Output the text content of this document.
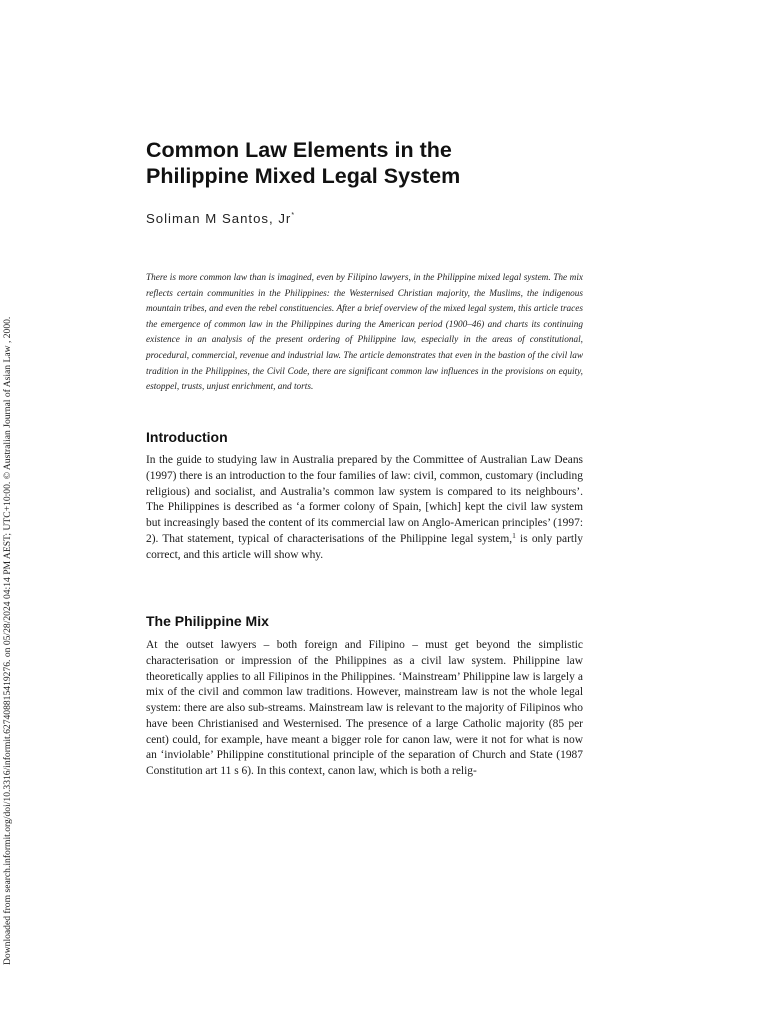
Downloaded from search.informit.org/doi/10.3316/informit.627408815419276. on 05/28/2024 04:14 PM AEST; UTC+10:00. © Australian Journal of Asian Law , 2000.
Common Law Elements in the
Philippine Mixed Legal System
Soliman M Santos, Jr*

There is more common law than is imagined, even by Filipino lawyers, in the Philippine mixed legal system. The mix reflects certain communities in the Philippines: the Westernised Christian majority, the Muslims, the indigenous mountain tribes, and even the rebel constituencies. After a brief overview of the mixed legal system, this article traces the emergence of common law in the Philippines during the American period (1900–46) and charts its continuing existence in an analysis of the present ordering of Philippine law, especially in the areas of constitutional, procedural, commercial, revenue and industrial law. The article demonstrates that even in the bastion of the civil law tradition in the Philippines, the Civil Code, there are significant common law influences in the provisions on equity, estoppel, trusts, unjust enrichment, and torts.

Introduction

In the guide to studying law in Australia prepared by the Committee of Australian Law Deans (1997) there is an introduction to the four families of law: civil, common, customary (including religious) and socialist, and Australia’s common law system is compared to its neighbours’. The Philippines is described as ‘a former colony of Spain, [which] kept the civil law system but increasingly based the content of its commercial law on Anglo-American principles’ (1997: 2). That statement, typical of characterisations of the Philippine legal system,$^1$ is only partly correct, and this article will show why.

The Philippine Mix

At the outset lawyers – both foreign and Filipino – must get beyond the simplistic characterisation or impression of the Philippines as a civil law system. Philippine law theoretically applies to all Filipinos in the Philippines. ‘Mainstream’ Philippine law is largely a mix of the civil and common law traditions. However, mainstream law is not the whole legal system: there are also sub-streams. Mainstream law is relevant to the majority of Filipinos who have been Christianised and Westernised. The presence of a large Catholic majority (85 per cent) could, for example, have meant a bigger role for canon law, were it not for what is now an ‘inviolable’ Philippine constitutional principle of the separation of Church and State (1987 Constitution art 11 s 6). In this context, canon law, which is both a relig-
